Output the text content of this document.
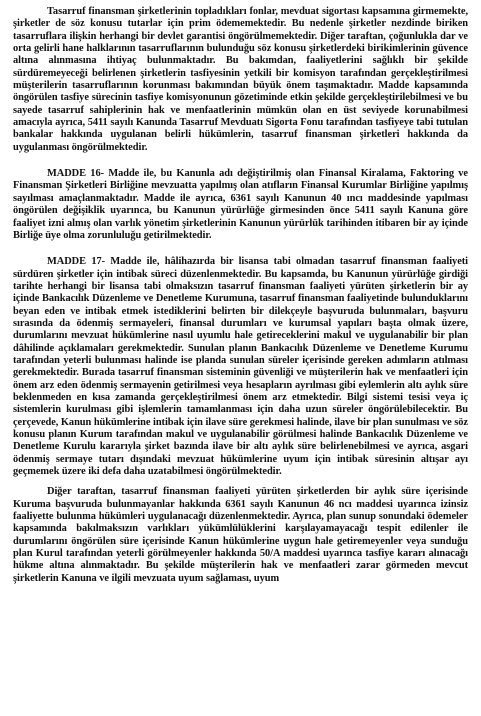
Tasarruf finansman şirketlerinin topladıkları fonlar, mevduat sigortası kapsamına girmemekte, şirketler de söz konusu tutarlar için prim ödememektedir. Bu nedenle şirketler nezdinde biriken tasarruflara ilişkin herhangi bir devlet garantisi öngörülmemektedir. Diğer taraftan, çoğunlukla dar ve orta gelirli hane halklarının tasarruflarının bulunduğu söz konusu şirketlerdeki birikimlerinin güvence altına alınmasına ihtiyaç bulunmaktadır. Bu bakımdan, faaliyetlerini sağlıklı bir şekilde sürdüremeyeceği belirlenen şirketlerin tasfiyesinin yetkili bir komisyon tarafından gerçekleştirilmesi müşterilerin tasarruflarının korunması bakımından büyük önem taşımaktadır. Madde kapsamında öngörülen tasfiye sürecinin tasfiye komisyonunun gözetiminde etkin şekilde gerçekleştirilebilmesi ve bu sayede tasarruf sahiplerinin hak ve menfaatlerinin mümkün olan en üst seviyede korunabilmesi amacıyla ayrıca, 5411 sayılı Kanunda Tasarruf Mevduatı Sigorta Fonu tarafından tasfiyeye tabi tutulan bankalar hakkında uygulanan belirli hükümlerin, tasarruf finansman şirketleri hakkında da uygulanması öngörülmektedir.

MADDE 16- Madde ile, bu Kanunla adı değiştirilmiş olan Finansal Kiralama, Faktoring ve Finansman Şirketleri Birliğine mevzuatta yapılmış olan atıfların Finansal Kurumlar Birliğine yapılmış sayılması amaçlanmaktadır. Madde ile ayrıca, 6361 sayılı Kanunun 40 ıncı maddesinde yapılması öngörülen değişiklik uyarınca, bu Kanunun yürürlüğe girmesinden önce 5411 sayılı Kanuna göre faaliyet izni almış olan varlık yönetim şirketlerinin Kanunun yürürlük tarihinden itibaren bir ay içinde Birliğe üye olma zorunluluğu getirilmektedir.

MADDE 17- Madde ile, hâlihazırda bir lisansa tabi olmadan tasarruf finansman faaliyeti sürdüren şirketler için intibak süreci düzenlenmektedir. Bu kapsamda, bu Kanunun yürürlüğe girdiği tarihte herhangi bir lisansa tabi olmaksızın tasarruf finansman faaliyeti yürüten şirketlerin bir ay içinde Bankacılık Düzenleme ve Denetleme Kurumuna, tasarruf finansman faaliyetinde bulunduklarını beyan eden ve intibak etmek istediklerini belirten bir dilekçeyle başvuruda bulunmaları, başvuru sırasında da ödenmiş sermayeleri, finansal durumları ve kurumsal yapıları başta olmak üzere, durumlarını mevzuat hükümlerine nasıl uyumlu hale getireceklerini makul ve uygulanabilir bir plan dâhilinde açıklamaları gerekmektedir. Sunulan planın Bankacılık Düzenleme ve Denetleme Kurumu tarafından yeterli bulunması halinde ise planda sunulan süreler içerisinde gereken adımların atılması gerekmektedir. Burada tasarruf finansman sisteminin güvenliği ve müşterilerin hak ve menfaatleri için önem arz eden ödenmiş sermayenin getirilmesi veya hesapların ayrılması gibi eylemlerin altı aylık süre beklenmeden en kısa zamanda gerçekleştirilmesi önem arz etmektedir. Bilgi sistemi tesisi veya iç sistemlerin kurulması gibi işlemlerin tamamlanması için daha uzun süreler öngörülebilecektir. Bu çerçevede, Kanun hükümlerine intibak için ilave süre gerekmesi halinde, ilave bir plan sunulması ve söz konusu planın Kurum tarafından makul ve uygulanabilir görülmesi halinde Bankacılık Düzenleme ve Denetleme Kurulu kararıyla şirket bazında ilave bir altı aylık süre belirlenebilmesi ve ayrıca, asgari ödenmiş sermaye tutarı dışındaki mevzuat hükümlerine uyum için intibak süresinin altışar ayı geçmemek üzere iki defa daha uzatabilmesi öngörülmektedir.

Diğer taraftan, tasarruf finansman faaliyeti yürüten şirketlerden bir aylık süre içerisinde Kuruma başvuruda bulunmayanlar hakkında 6361 sayılı Kanunun 46 ncı maddesi uyarınca izinsiz faaliyette bulunma hükümleri uygulanacağı düzenlenmektedir. Ayrıca, plan sunup sonundaki ödemeler kapsamında bakılmaksızın varlıkları yükümlülüklerini karşılayamayacağı tespit edilenler ile durumlarını öngörülen süre içerisinde Kanun hükümlerine uygun hale getiremeyenler veya sunduğu plan Kurul tarafından yeterli görülmeyenler hakkında 50/A maddesi uyarınca tasfiye kararı alınacağı hükme altına alınmaktadır. Bu şekilde müşterilerin hak ve menfaatleri zarar görmeden mevcut şirketlerin Kanuna ve ilgili mevzuata uyum sağlaması, uyum
